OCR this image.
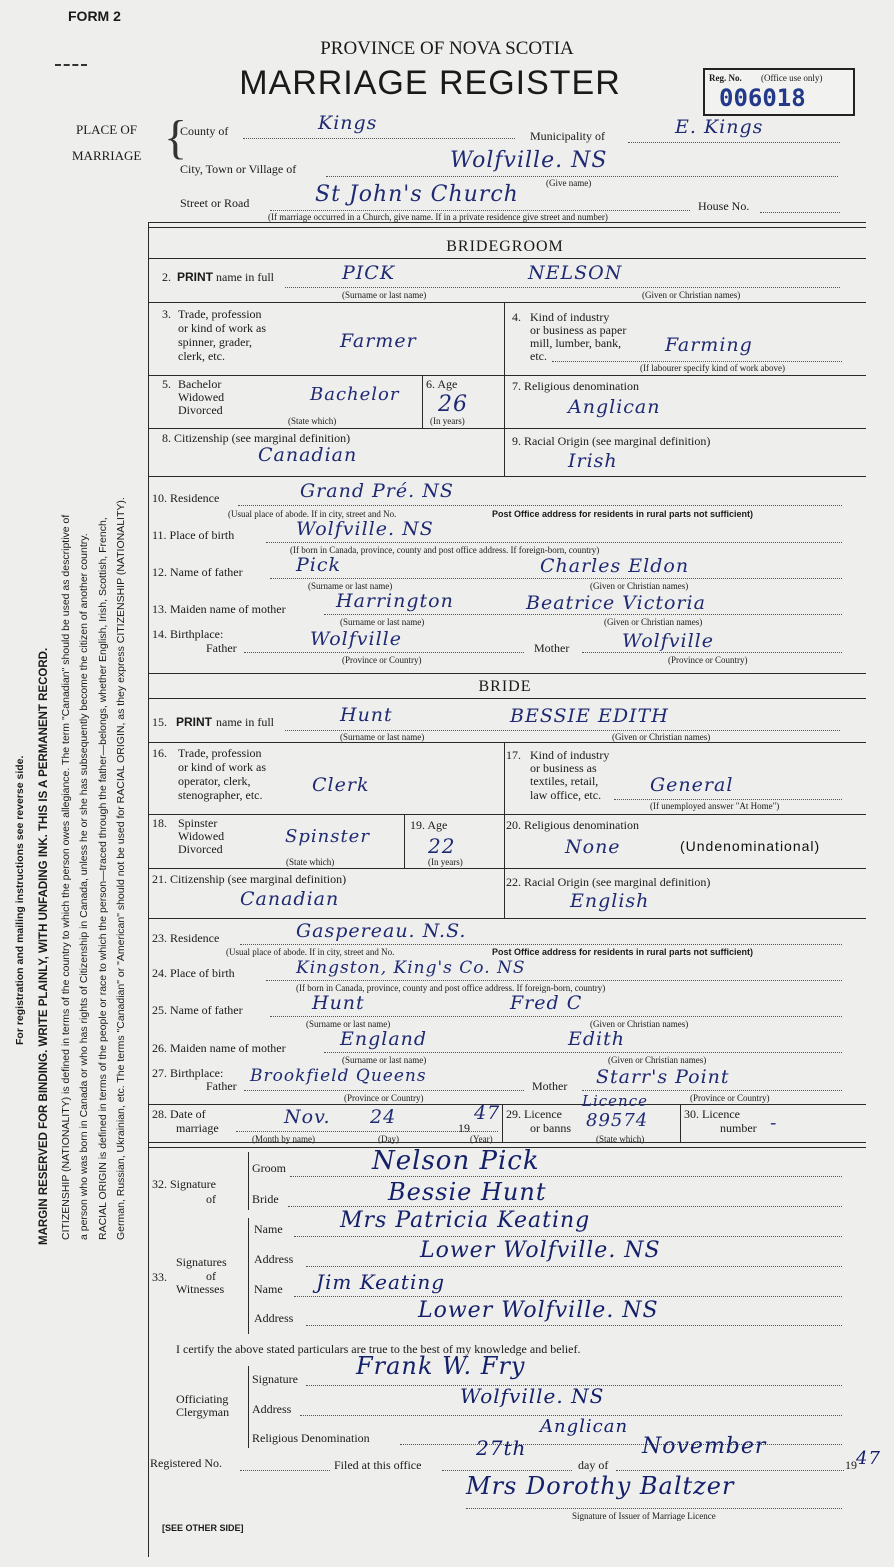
FORM 2
PROVINCE OF NOVA SCOTIA
MARRIAGE REGISTER	Reg. No. (Office use only)
006018
For registration and mailing instructions see reverse side. MARGIN RESERVED FOR BINDING. WRITE PLAINLY, WITH UNFADING INK. THIS IS A PERMANENT RECORD. CITIZENSHIP (NATIONALITY) is defined in terms of the country to which the person owes allegiance. The term "Canadian" should be used as descriptive of a person who was born in Canada or who has rights of Citizenship in Canada, unless he or she has subsequently become the citizen of another country. RACIAL ORIGIN is defined in terms of the people or race to which the person—traced through the father—belongs, whether English, Irish, Scottish, French, German, Russian, Ukrainian, etc. The terms "Canadian" or "American" should not be used for RACIAL ORIGIN, as they express CITIZENSHIP (NATIONALITY).
PLACE OF
MARRIAGE {
County of	Kings
Municipality of	E. Kings
City, Town or Village of	Wolfville. NS
(Give name)
Street or Road	St John's Church	House No.
(If marriage occurred in a Church, give name. If in a private residence give street and number)
BRIDEGROOM
2. PRINT name in full	PICK	NELSON
(Surname or last name)	(Given or Christian names)
3. Trade, profession
or kind of work as
spinner, grader,
clerk, etc.
Farmer
4. Kind of industry
or business as paper
mill, lumber, bank,
etc.	Farming
(If labourer specify kind of work above)
5. Bachelor
Widowed
Divorced
Bachelor
(State which)
6. Age
26
(In years)
7. Religious denomination
Anglican
8. Citizenship (see marginal definition)
Canadian
9. Racial Origin (see marginal definition)
Irish
10. Residence	Grand Pré. NS
(Usual place of abode. If in city, street and No.	Post Office address for residents in rural parts not sufficient)
11. Place of birth	Wolfville. NS
(If born in Canada, province, county and post office address. If foreign-born, country)
12. Name of father	Pick	Charles Eldon
(Surname or last name)	(Given or Christian names)
13. Maiden name of mother	Harrington	Beatrice Victoria
(Surname or last name)	(Given or Christian names)
14. Birthplace:
Father	Wolfville
(Province or Country)
Mother	Wolfville
(Province or Country)
BRIDE
15. PRINT name in full	Hunt	BESSIE EDITH
(Surname or last name)	(Given or Christian names)
16. Trade, profession
or kind of work as
operator, clerk,
stenographer, etc.	Clerk
17. Kind of industry
or business as
textiles, retail,
law office, etc.	General
(If unemployed answer "At Home")
18. Spinster
Widowed
Divorced
Spinster
(State which)
19. Age
22
(In years)
20. Religious denomination
None	(Undenominational)
21. Citizenship (see marginal definition)
Canadian
22. Racial Origin (see marginal definition)
English
23. Residence	Gaspereau. N.S.
(Usual place of abode. If in city, street and No.	Post Office address for residents in rural parts not sufficient)
24. Place of birth	Kingston, King's Co. NS
(If born in Canada, province, county and post office address. If foreign-born, country)
25. Name of father	Hunt	Fred C
(Surname or last name)	(Given or Christian names)
26. Maiden name of mother	England	Edith
(Surname or last name)	(Given or Christian names)
27. Birthplace:
Father Brookfield Queens
(Province or Country)
Mother Starr's Point
(Province or Country)
28. Date of
marriage	Nov. 24	19
47
(Month by name)	(Day)	(Year)
29. Licence
or banns
Licence
89574
(State which)
30. Licence
number -
32. Signature
of
Groom	Nelson Pick
Bride	Bessie Hunt
33.
Signatures
of
Witnesses
Name	Mrs Patricia Keating
Address	Lower Wolfville. NS
Name Jim Keating
Address	Lower Wolfville. NS
I certify the above stated particulars are true to the best of my knowledge and belief.
Officiating
Clergyman
Signature Frank W. Fry
Address
Wolfville. NS
Religious Denomination
Anglican
Registered No.	Filed at this office
27th
day of
November
19 47
Mrs Dorothy Baltzer
Signature of Issuer of Marriage Licence
[SEE OTHER SIDE]
